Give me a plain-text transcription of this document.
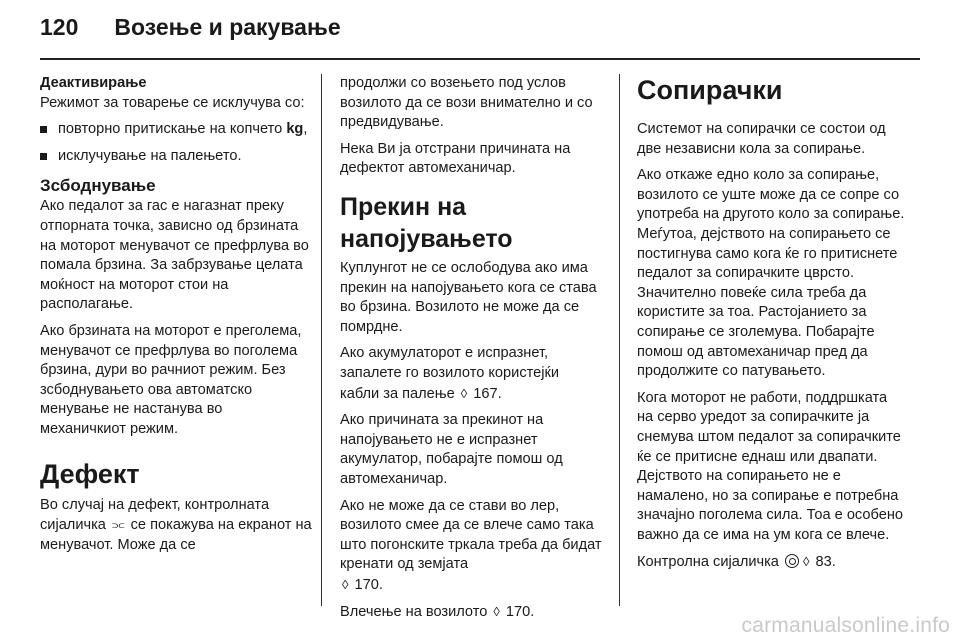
120 Возење и ракување
Деактивирање

Режимот за товарење се исклучува со:

повторно притискање на копчето kg,
исклучување на палењето.
Зсбоднување

Ако педалот за гас е нагазнат преку отпорната точка, зависно од брзината на моторот менувачот се префрлува во помала брзина. За забрзување целата моќност на моторот стои на располагање.

Ако брзината на моторот е преголема, менувачот се префрлува во поголема брзина, дури во рачниот режим. Без зсбоднувањето ова автоматско менување не настанува во механичкиот режим.

Дефект

Во случај на дефект, контролната сијаличка ⫗ се покажува на екранот на менувачот. Може да се

продолжи со возењето под услов возилото да се вози внимателно и со предвидување.

Нека Ви ја отстрани причината на дефектот автомеханичар.

Прекин на напојувањето

Куплунгот не се ослободува ако има прекин на напојувањето кога се става во брзина. Возилото не може да се помрдне.

Ако акумулаторот е испразнет, запалете го возилото користејќи кабли за палење ◊ 167.

Ако причината за прекинот на напојувањето не е испразнет акумулатор, побарајте помош од автомеханичар.

Ако не може да се стави во лер, возилото смее да се влече само така што погонските тркала треба да бидат кренати од земјата
◊ 170.

Влечење на возилото ◊ 170.

Сопирачки

Системот на сопирачки се состои од две независни кола за сопирање.

Ако откаже едно коло за сопирање, возилото се уште може да се сопре со употреба на другото коло за сопирање. Меѓутоа, дејството на сопирањето се постигнува само кога ќе го притиснете педалот за сопирачките цврсто. Значително повеќе сила треба да користите за тоа. Растојанието за сопирање се зголемува. Побарајте помош од автомеханичар пред да продолжите со патувањето.

Кога моторот не работи, поддршката на серво уредот за сопирачките ја снемува штом педалот за сопирачките ќе се притисне еднаш или двапати. Дејството на сопирањето не е намалено, но за сопирање е потребна значајно поголема сила. Тоа е особено важно да се има на ум кога се влече.

Контролна сијаличка ◊ 83.

carmanualsonline.info
